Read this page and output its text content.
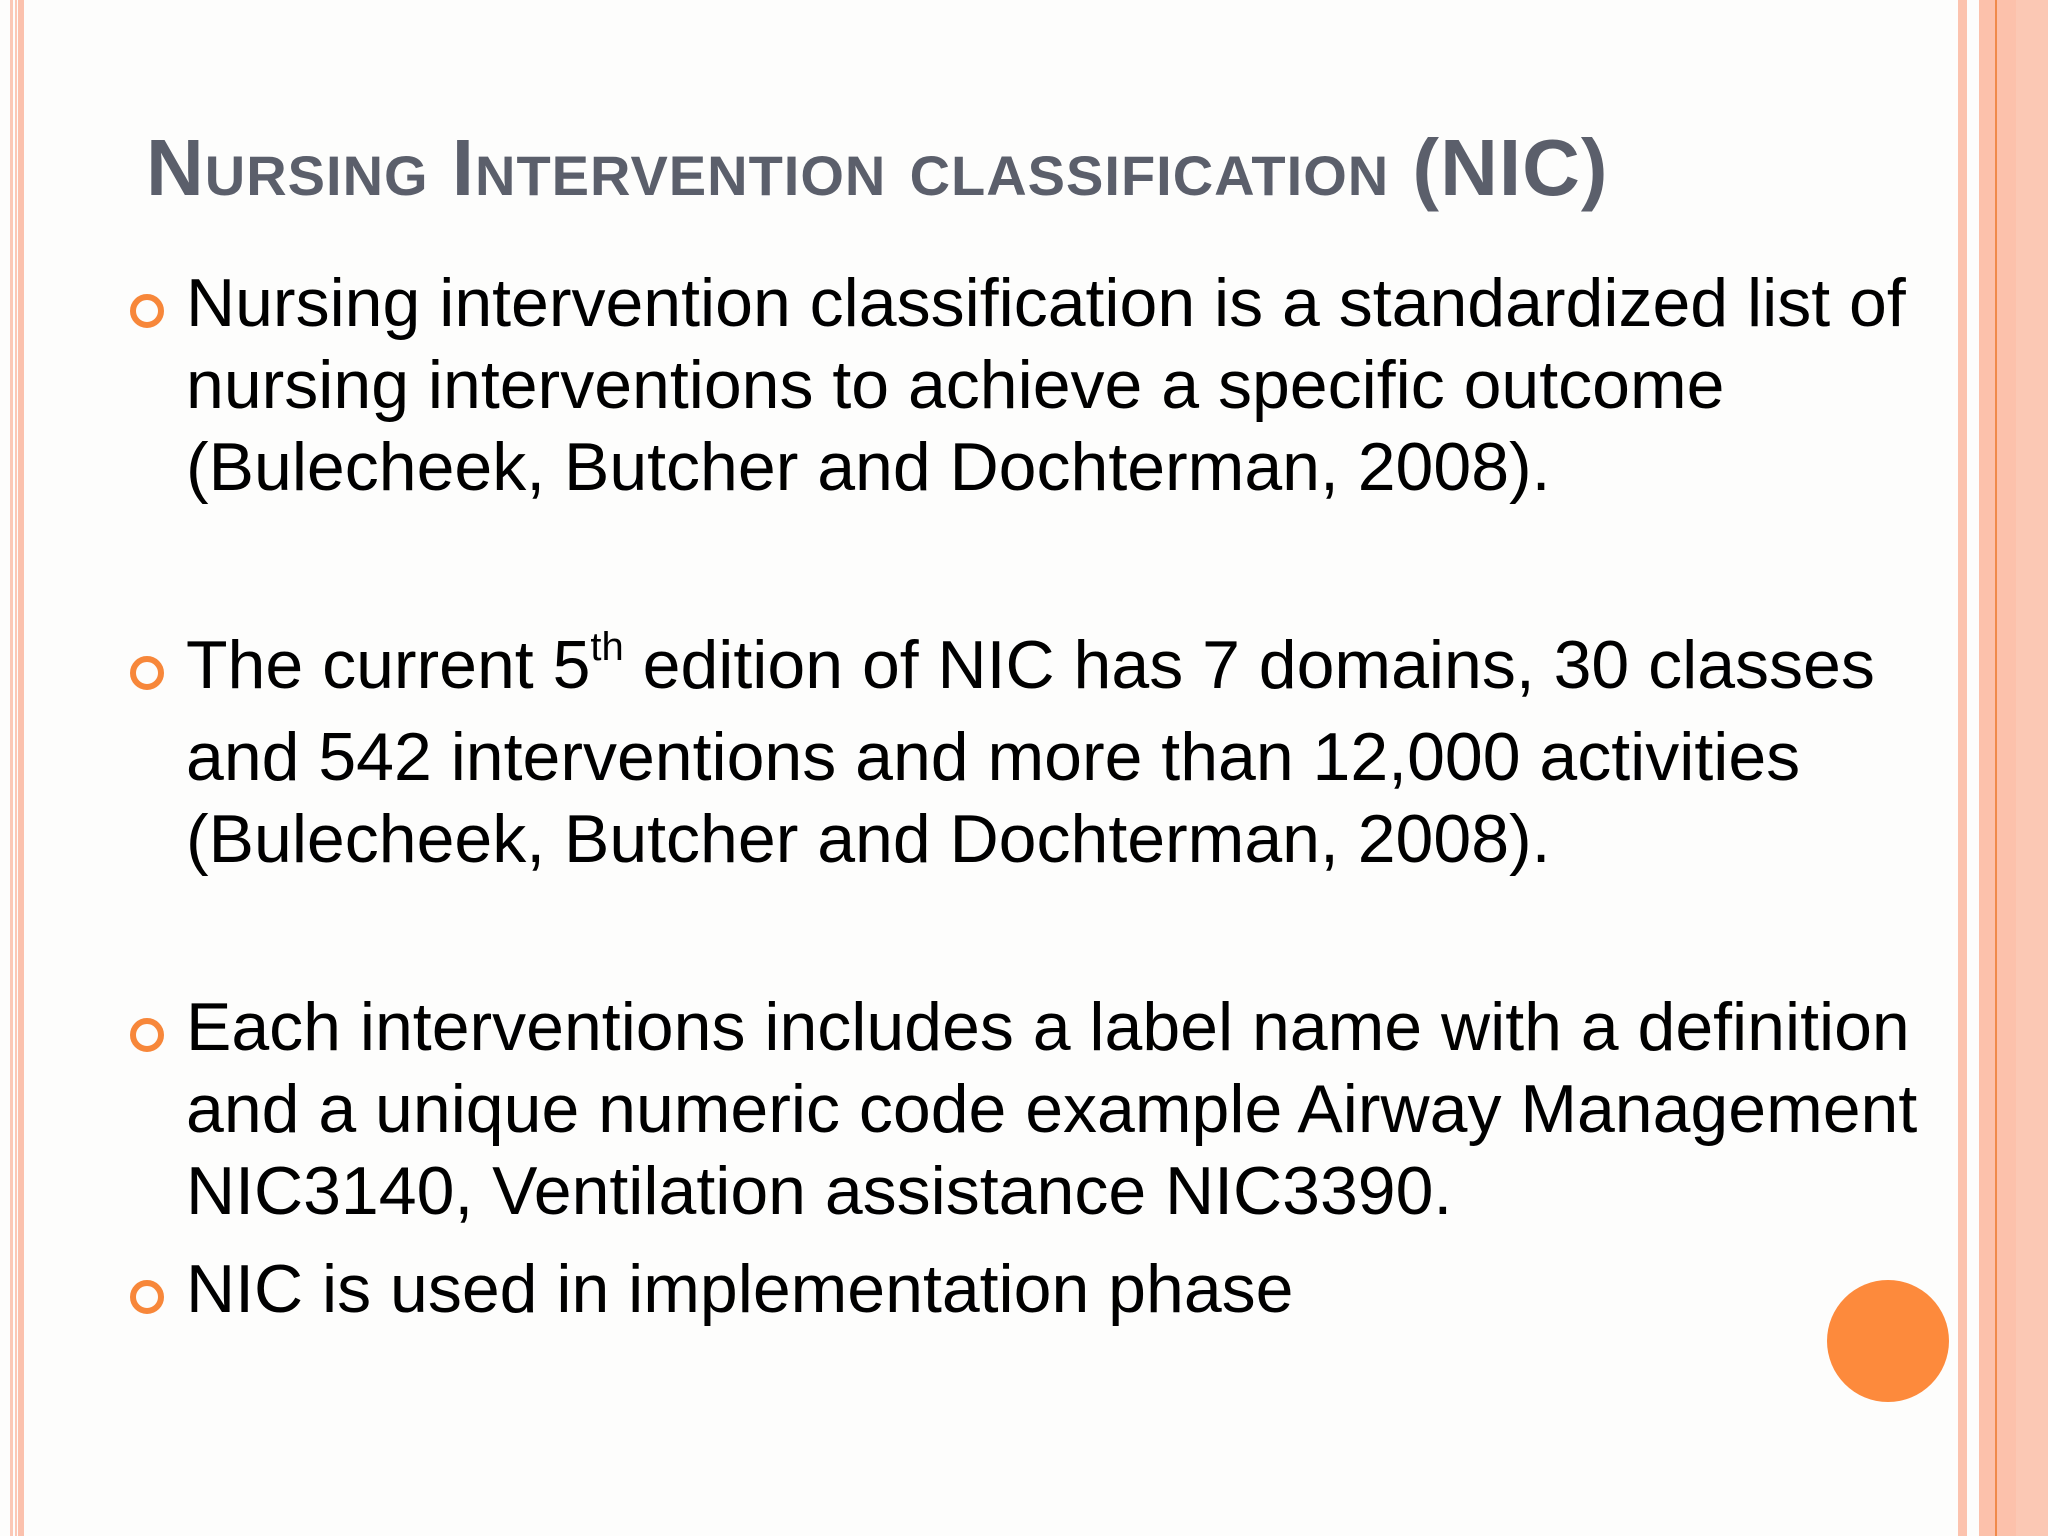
Nursing Intervention classification (NIC)
Nursing intervention classification is a standardized list of
nursing interventions to achieve a specific outcome
(Bulecheek, Butcher and Dochterman, 2008).
The current 5th edition of NIC has 7 domains, 30 classes
and 542 interventions and more than 12,000 activities
(Bulecheek, Butcher and Dochterman, 2008).
Each interventions includes a label name with a definition
and a unique numeric code example Airway Management
NIC3140, Ventilation assistance NIC3390.
NIC is used in implementation phase
